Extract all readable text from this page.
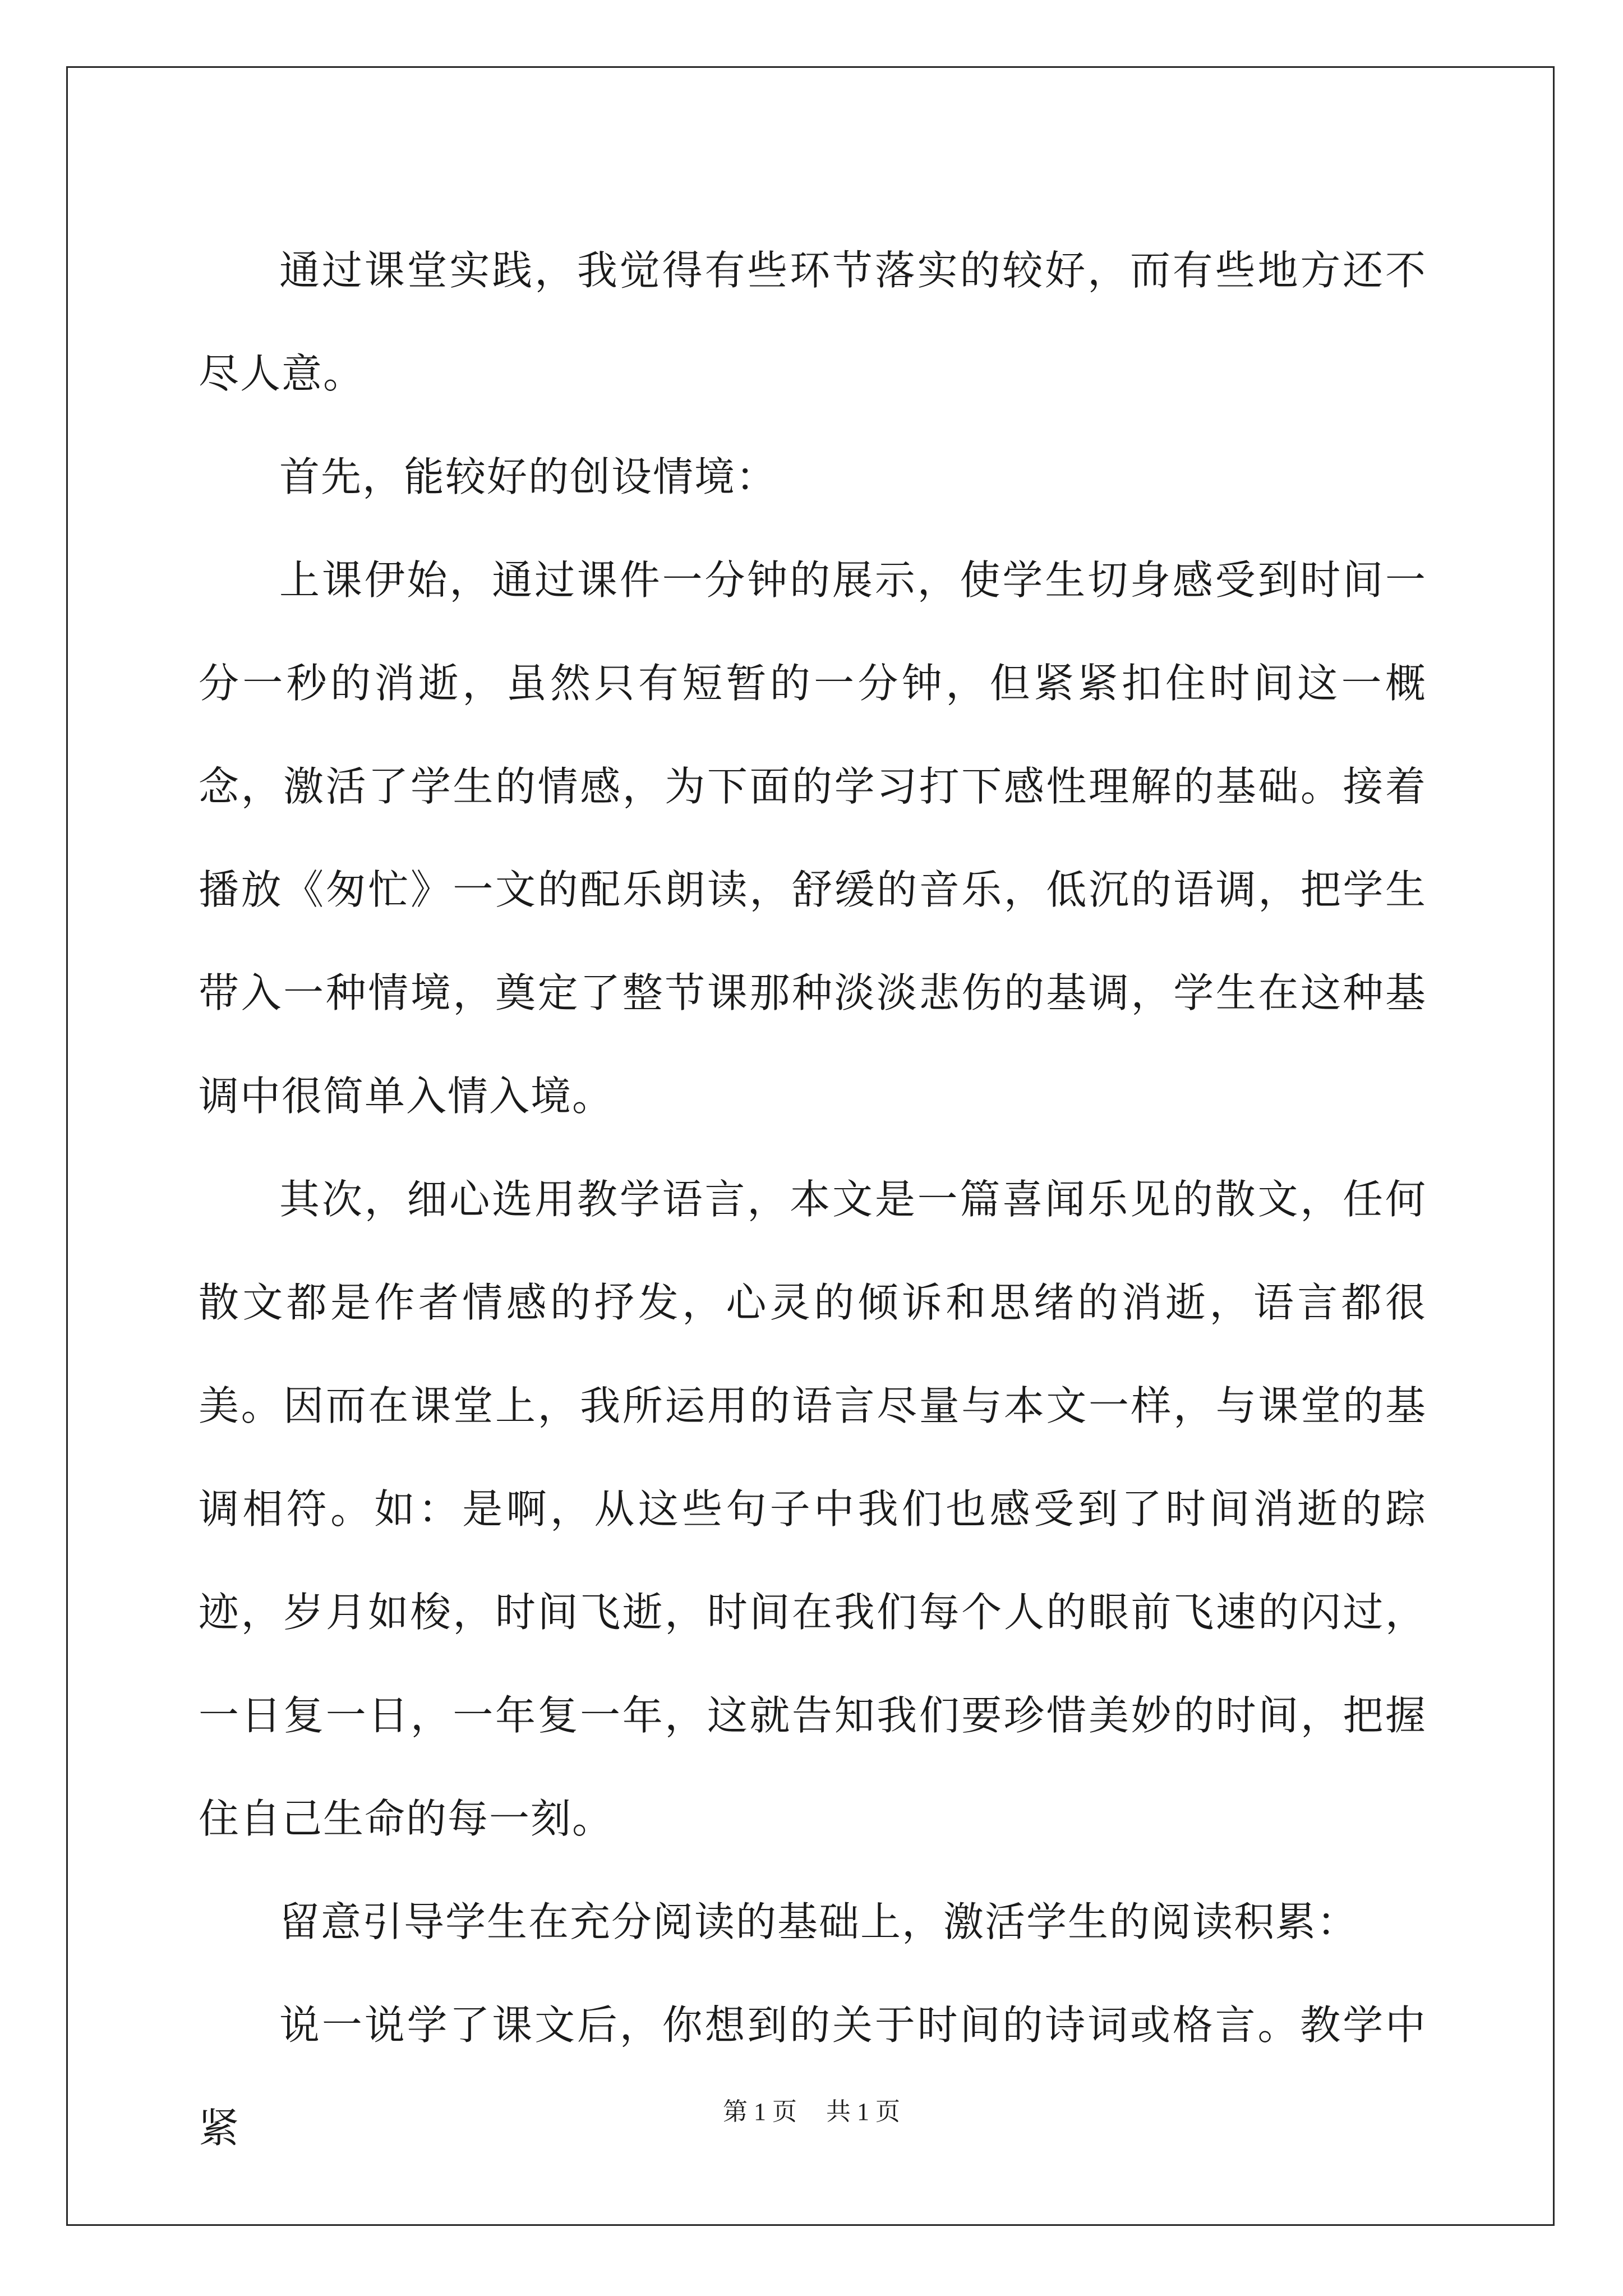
通过课堂实践，我觉得有些环节落实的较好，而有些地方还不尽人意。

首先，能较好的创设情境：

上课伊始，通过课件一分钟的展示，使学生切身感受到时间一分一秒的消逝，虽然只有短暂的一分钟，但紧紧扣住时间这一概念，激活了学生的情感，为下面的学习打下感性理解的基础。接着播放《匆忙》一文的配乐朗读，舒缓的音乐，低沉的语调，把学生带入一种情境，奠定了整节课那种淡淡悲伤的基调，学生在这种基调中很简单入情入境。

其次，细心选用教学语言，本文是一篇喜闻乐见的散文，任何散文都是作者情感的抒发，心灵的倾诉和思绪的消逝，语言都很美。因而在课堂上，我所运用的语言尽量与本文一样，与课堂的基调相符。如：是啊，从这些句子中我们也感受到了时间消逝的踪迹，岁月如梭，时间飞逝，时间在我们每个人的眼前飞速的闪过，一日复一日，一年复一年，这就告知我们要珍惜美妙的时间，把握住自己生命的每一刻。

留意引导学生在充分阅读的基础上，激活学生的阅读积累：

说一说学了课文后，你想到的关于时间的诗词或格言。教学中紧	第 1 页 共 1 页
